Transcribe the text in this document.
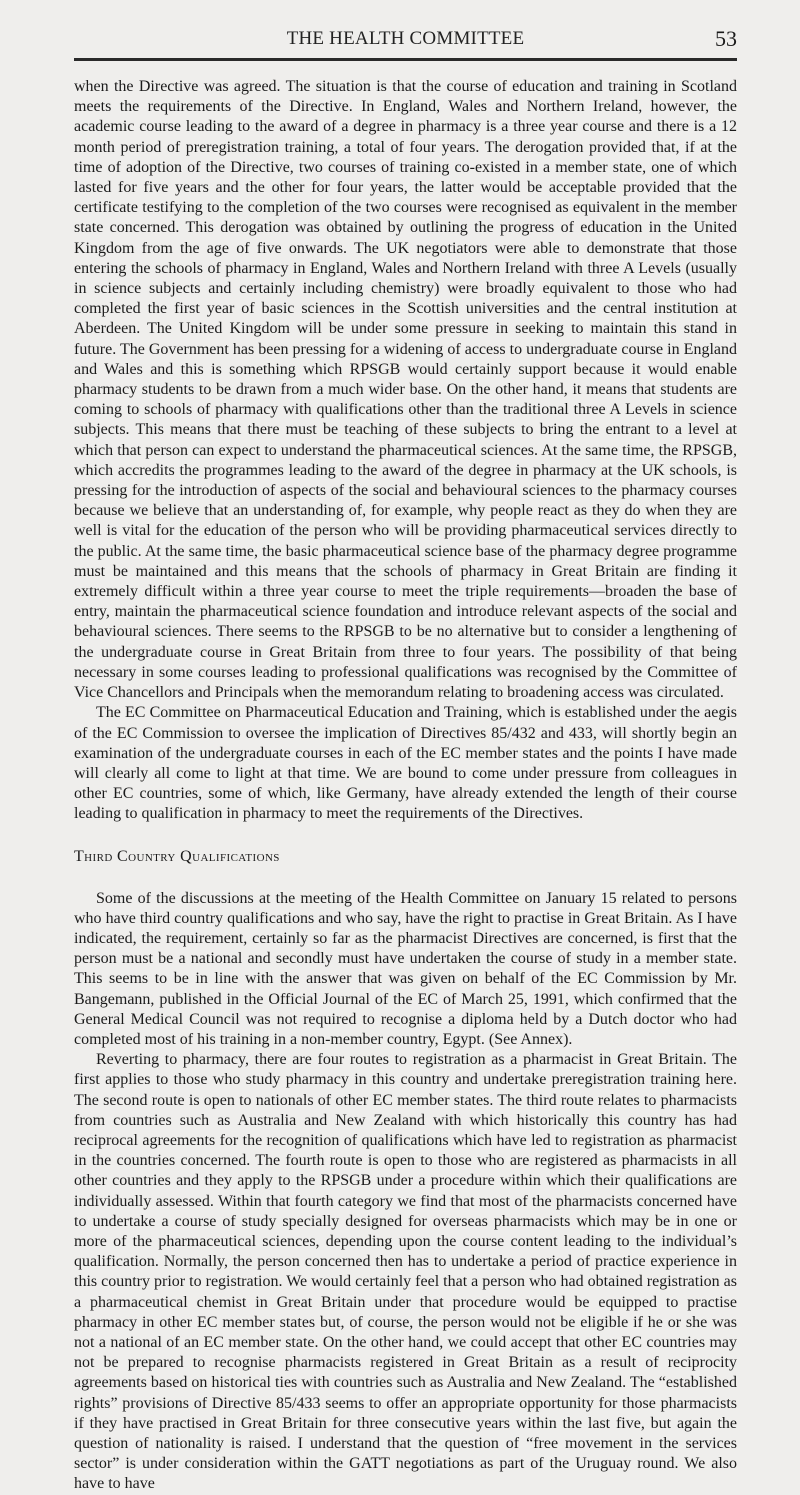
THE HEALTH COMMITTEE	53

when the Directive was agreed. The situation is that the course of education and training in Scotland meets the requirements of the Directive. In England, Wales and Northern Ireland, however, the academic course leading to the award of a degree in pharmacy is a three year course and there is a 12 month period of preregistration training, a total of four years. The derogation provided that, if at the time of adoption of the Directive, two courses of training co-existed in a member state, one of which lasted for five years and the other for four years, the latter would be acceptable provided that the certificate testifying to the completion of the two courses were recognised as equivalent in the member state concerned. This derogation was obtained by outlining the progress of education in the United Kingdom from the age of five onwards. The UK negotiators were able to demonstrate that those entering the schools of pharmacy in England, Wales and Northern Ireland with three A Levels (usually in science subjects and certainly including chemistry) were broadly equivalent to those who had completed the first year of basic sciences in the Scottish universities and the central institution at Aberdeen. The United Kingdom will be under some pressure in seeking to maintain this stand in future. The Government has been pressing for a widening of access to undergraduate course in England and Wales and this is something which RPSGB would certainly support because it would enable pharmacy students to be drawn from a much wider base. On the other hand, it means that students are coming to schools of pharmacy with qualifications other than the traditional three A Levels in science subjects. This means that there must be teaching of these subjects to bring the entrant to a level at which that person can expect to understand the pharmaceutical sciences. At the same time, the RPSGB, which accredits the programmes leading to the award of the degree in pharmacy at the UK schools, is pressing for the introduction of aspects of the social and behavioural sciences to the pharmacy courses because we believe that an understanding of, for example, why people react as they do when they are well is vital for the education of the person who will be providing pharmaceutical services directly to the public. At the same time, the basic pharmaceutical science base of the pharmacy degree programme must be maintained and this means that the schools of pharmacy in Great Britain are finding it extremely difficult within a three year course to meet the triple requirements—broaden the base of entry, maintain the pharmaceutical science foundation and introduce relevant aspects of the social and behavioural sciences. There seems to the RPSGB to be no alternative but to consider a lengthening of the undergraduate course in Great Britain from three to four years. The possibility of that being necessary in some courses leading to professional qualifications was recognised by the Committee of Vice Chancellors and Principals when the memorandum relating to broadening access was circulated.

The EC Committee on Pharmaceutical Education and Training, which is established under the aegis of the EC Commission to oversee the implication of Directives 85/432 and 433, will shortly begin an examination of the undergraduate courses in each of the EC member states and the points I have made will clearly all come to light at that time. We are bound to come under pressure from colleagues in other EC countries, some of which, like Germany, have already extended the length of their course leading to qualification in pharmacy to meet the requirements of the Directives.

Third Country Qualifications

Some of the discussions at the meeting of the Health Committee on January 15 related to persons who have third country qualifications and who say, have the right to practise in Great Britain. As I have indicated, the requirement, certainly so far as the pharmacist Directives are concerned, is first that the person must be a national and secondly must have undertaken the course of study in a member state. This seems to be in line with the answer that was given on behalf of the EC Commission by Mr. Bangemann, published in the Official Journal of the EC of March 25, 1991, which confirmed that the General Medical Council was not required to recognise a diploma held by a Dutch doctor who had completed most of his training in a non-member country, Egypt. (See Annex).

Reverting to pharmacy, there are four routes to registration as a pharmacist in Great Britain. The first applies to those who study pharmacy in this country and undertake preregistration training here. The second route is open to nationals of other EC member states. The third route relates to pharmacists from countries such as Australia and New Zealand with which historically this country has had reciprocal agreements for the recognition of qualifications which have led to registration as pharmacist in the countries concerned. The fourth route is open to those who are registered as pharmacists in all other countries and they apply to the RPSGB under a procedure within which their qualifications are individually assessed. Within that fourth category we find that most of the pharmacists concerned have to undertake a course of study specially designed for overseas pharmacists which may be in one or more of the pharmaceutical sciences, depending upon the course content leading to the individual’s qualification. Normally, the person concerned then has to undertake a period of practice experience in this country prior to registration. We would certainly feel that a person who had obtained registration as a pharmaceutical chemist in Great Britain under that procedure would be equipped to practise pharmacy in other EC member states but, of course, the person would not be eligible if he or she was not a national of an EC member state. On the other hand, we could accept that other EC countries may not be prepared to recognise pharmacists registered in Great Britain as a result of reciprocity agreements based on historical ties with countries such as Australia and New Zealand. The “established rights” provisions of Directive 85/433 seems to offer an appropriate opportunity for those pharmacists if they have practised in Great Britain for three consecutive years within the last five, but again the question of nationality is raised. I understand that the question of “free movement in the services sector” is under consideration within the GATT negotiations as part of the Uruguay round. We also have to have
